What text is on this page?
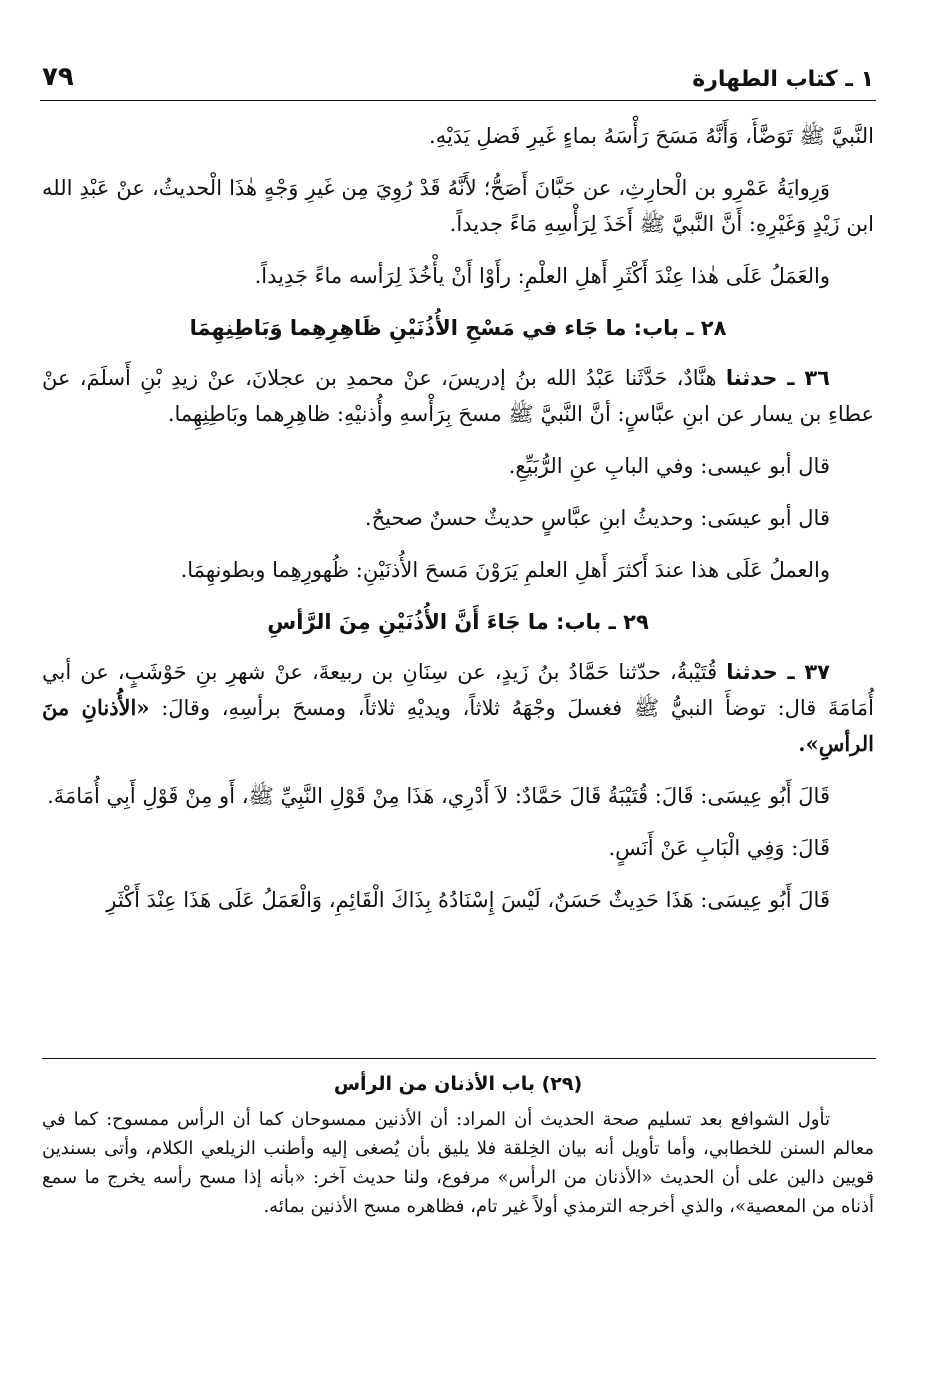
١ ـ كتاب الطهارة
٧٩

النَّبيَّ ﷺ تَوَضَّأَ، وَأَنَّهُ مَسَحَ رَأْسَهُ بماءٍ غَيرِ فَضلِ يَدَيْهِ.

وَرِوايَةُ عَمْرِو بن الْحارِثِ، عن حَبَّانَ أَصَحُّ؛ لأَنَّهُ قَدْ رُوِيَ مِن غَيرِ وَجْهٍ هٰذَا الْحديثُ، عنْ عَبْدِ الله ابن زَيْدٍ وَغَيْرِهِ: أَنَّ النَّبيَّ ﷺ أَخَذَ لِرَأْسِهِ مَاءً جديداً.

والعَمَلُ عَلَى هٰذا عِنْدَ أَكْثَرِ أَهلِ العلْمِ: رأَوْا أَنْ يأْخُذَ لِرَأسه ماءً جَدِيداً.

٢٨ ـ باب: ما جَاء في مَسْحِ الأُذُنَيْنِ ظَاهِرِهِما وَبَاطِنِهِمَا

٣٦ ـ حدثنا هنَّادٌ، حَدَّثَنا عَبْدُ الله بنُ إدريسَ، عنْ محمدِ بن عجلانَ، عنْ زيدِ بْنِ أَسلَمَ، عنْ عطاءِ بن يسار عن ابنِ عبَّاسٍ: أنَّ النَّبيَّ ﷺ مسحَ بِرَأْسهِ وأُذنيْهِ: ظاهِرِهما وبَاطِنِهِما.

قال أبو عيسى: وفي البابِ عنِ الرُّبَيِّعِ.

قال أبو عيسَى: وحديثُ ابنِ عبَّاسٍ حديثٌ حسنٌ صحيحٌ.

والعملُ عَلَى هذا عندَ أَكثرَ أَهلِ العلمِ يَرَوْنَ مَسحَ الأُذنَيْنِ: ظُهورِهِما وبطونهِمَا.

٢٩ ـ باب: ما جَاءَ أَنَّ الأُذُنَيْنِ مِنَ الرَّأسِ

٣٧ ـ حدثنا قُتَيْبةُ، حدّثنا حَمَّادُ بنُ زَيدٍ، عن سِنَانِ بن ربيعةَ، عنْ شهرِ بنِ حَوْشَبٍ، عن أبي أُمَامَةَ قال: توضأَ النبيُّ ﷺ فغسلَ وجْهَهُ ثلاثاً، ويديْهِ ثلاثاً، ومسحَ برأسِهِ، وقالَ: «الأُذنانِ منَ الرأسِ».

قَالَ أَبُو عِيسَى: قَالَ: قُتَيْبَةُ قَالَ حَمَّادٌ: لاَ أَدْرِي، هَذَا مِنْ قَوْلِ النَّبِيِّ ﷺ، أَو مِنْ قَوْلِ أَبِي أُمَامَةَ.

قَالَ: وَفِي الْبَابِ عَنْ أَنَسٍ.

قَالَ أَبُو عِيسَى: هَذَا حَدِيثٌ حَسَنٌ، لَيْسَ إِسْنَادُهُ بِذَاكَ الْقَائِمِ، وَالْعَمَلُ عَلَى هَذَا عِنْدَ أَكْثَرِ

(٢٩) باب الأذنان من الرأس

تأول الشوافع بعد تسليم صحة الحديث أن المراد: أن الأذنين ممسوحان كما أن الرأس ممسوح: كما في معالم السنن للخطابي، وأما تأويل أنه بيان الخِلقة فلا يليق بأن يُصغى إليه وأطنب الزيلعي الكلام، وأتى بسندين قويين دالين على أن الحديث «الأذنان من الرأس» مرفوع، ولنا حديث آخر: «بأنه إذا مسح رأسه يخرج ما سمع أذناه من المعصية»، والذي أخرجه الترمذي أولاً غير تام، فظاهره مسح الأذنين بمائه.
